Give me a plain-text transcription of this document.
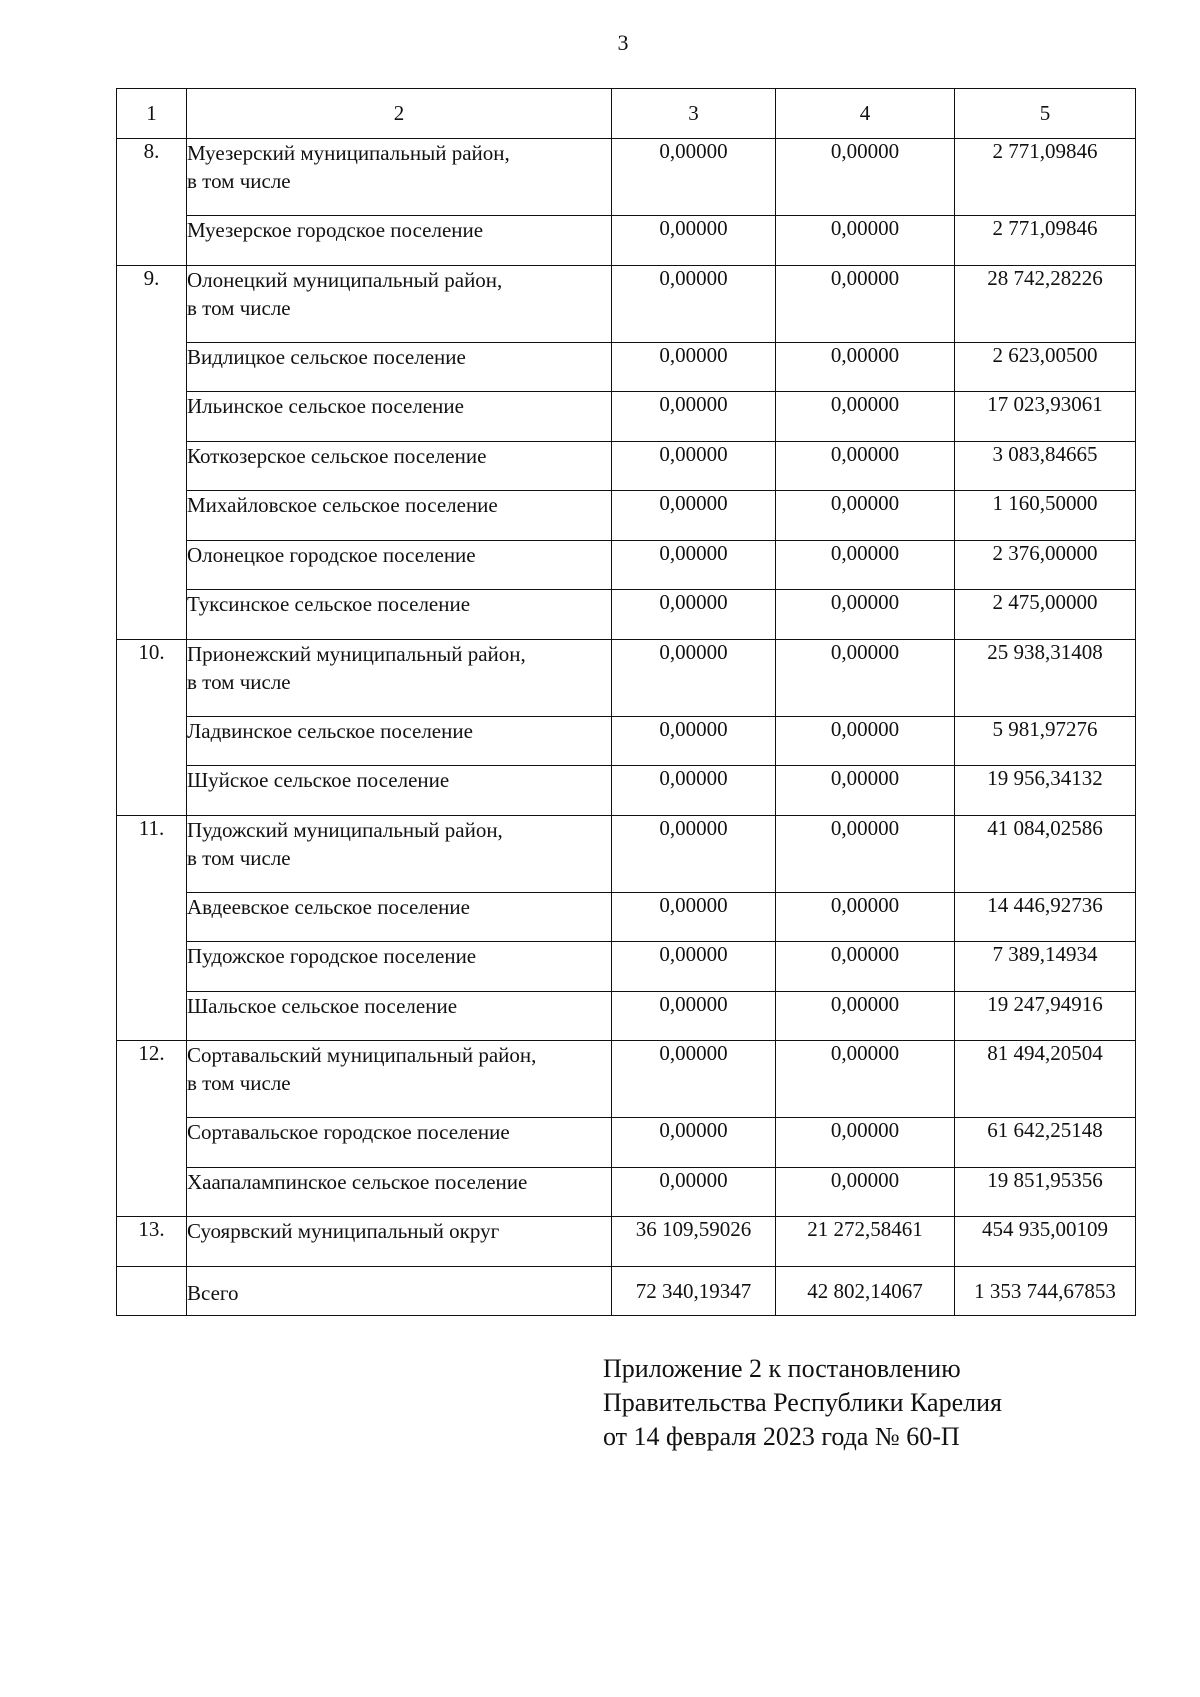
3
1	2	3	4	5
8.	Муезерский муниципальный район,
в том числе	0,00000	0,00000	2 771,09846

	Муезерское городское поселение	0,00000	0,00000	2 771,09846
9.	Олонецкий муниципальный район,
в том числе	0,00000	0,00000	28 742,28226

	Видлицкое сельское поселение	0,00000	0,00000	2 623,00500

	Ильинское сельское поселение	0,00000	0,00000	17 023,93061

	Коткозерское сельское поселение	0,00000	0,00000	3 083,84665

	Михайловское сельское поселение	0,00000	0,00000	1 160,50000

	Олонецкое городское поселение	0,00000	0,00000	2 376,00000

	Туксинское сельское поселение	0,00000	0,00000	2 475,00000
10.	Прионежский муниципальный район,
в том числе	0,00000	0,00000	25 938,31408

	Ладвинское сельское поселение	0,00000	0,00000	5 981,97276

	Шуйское сельское поселение	0,00000	0,00000	19 956,34132
11.	Пудожский муниципальный район,
в том числе	0,00000	0,00000	41 084,02586

	Авдеевское сельское поселение	0,00000	0,00000	14 446,92736

	Пудожское городское поселение	0,00000	0,00000	7 389,14934

	Шальское сельское поселение	0,00000	0,00000	19 247,94916
12.	Сортавальский муниципальный район,
в том числе	0,00000	0,00000	81 494,20504

	Сортавальское городское поселение	0,00000	0,00000	61 642,25148

	Хаапалампинское сельское поселение	0,00000	0,00000	19 851,95356
13.	Суоярвский муниципальный округ	36 109,59026	21 272,58461	454 935,00109
	Всего	72 340,19347	42 802,14067	1 353 744,67853
Приложение 2 к постановлению
Правительства Республики Карелия
от 14 февраля 2023 года № 60-П
